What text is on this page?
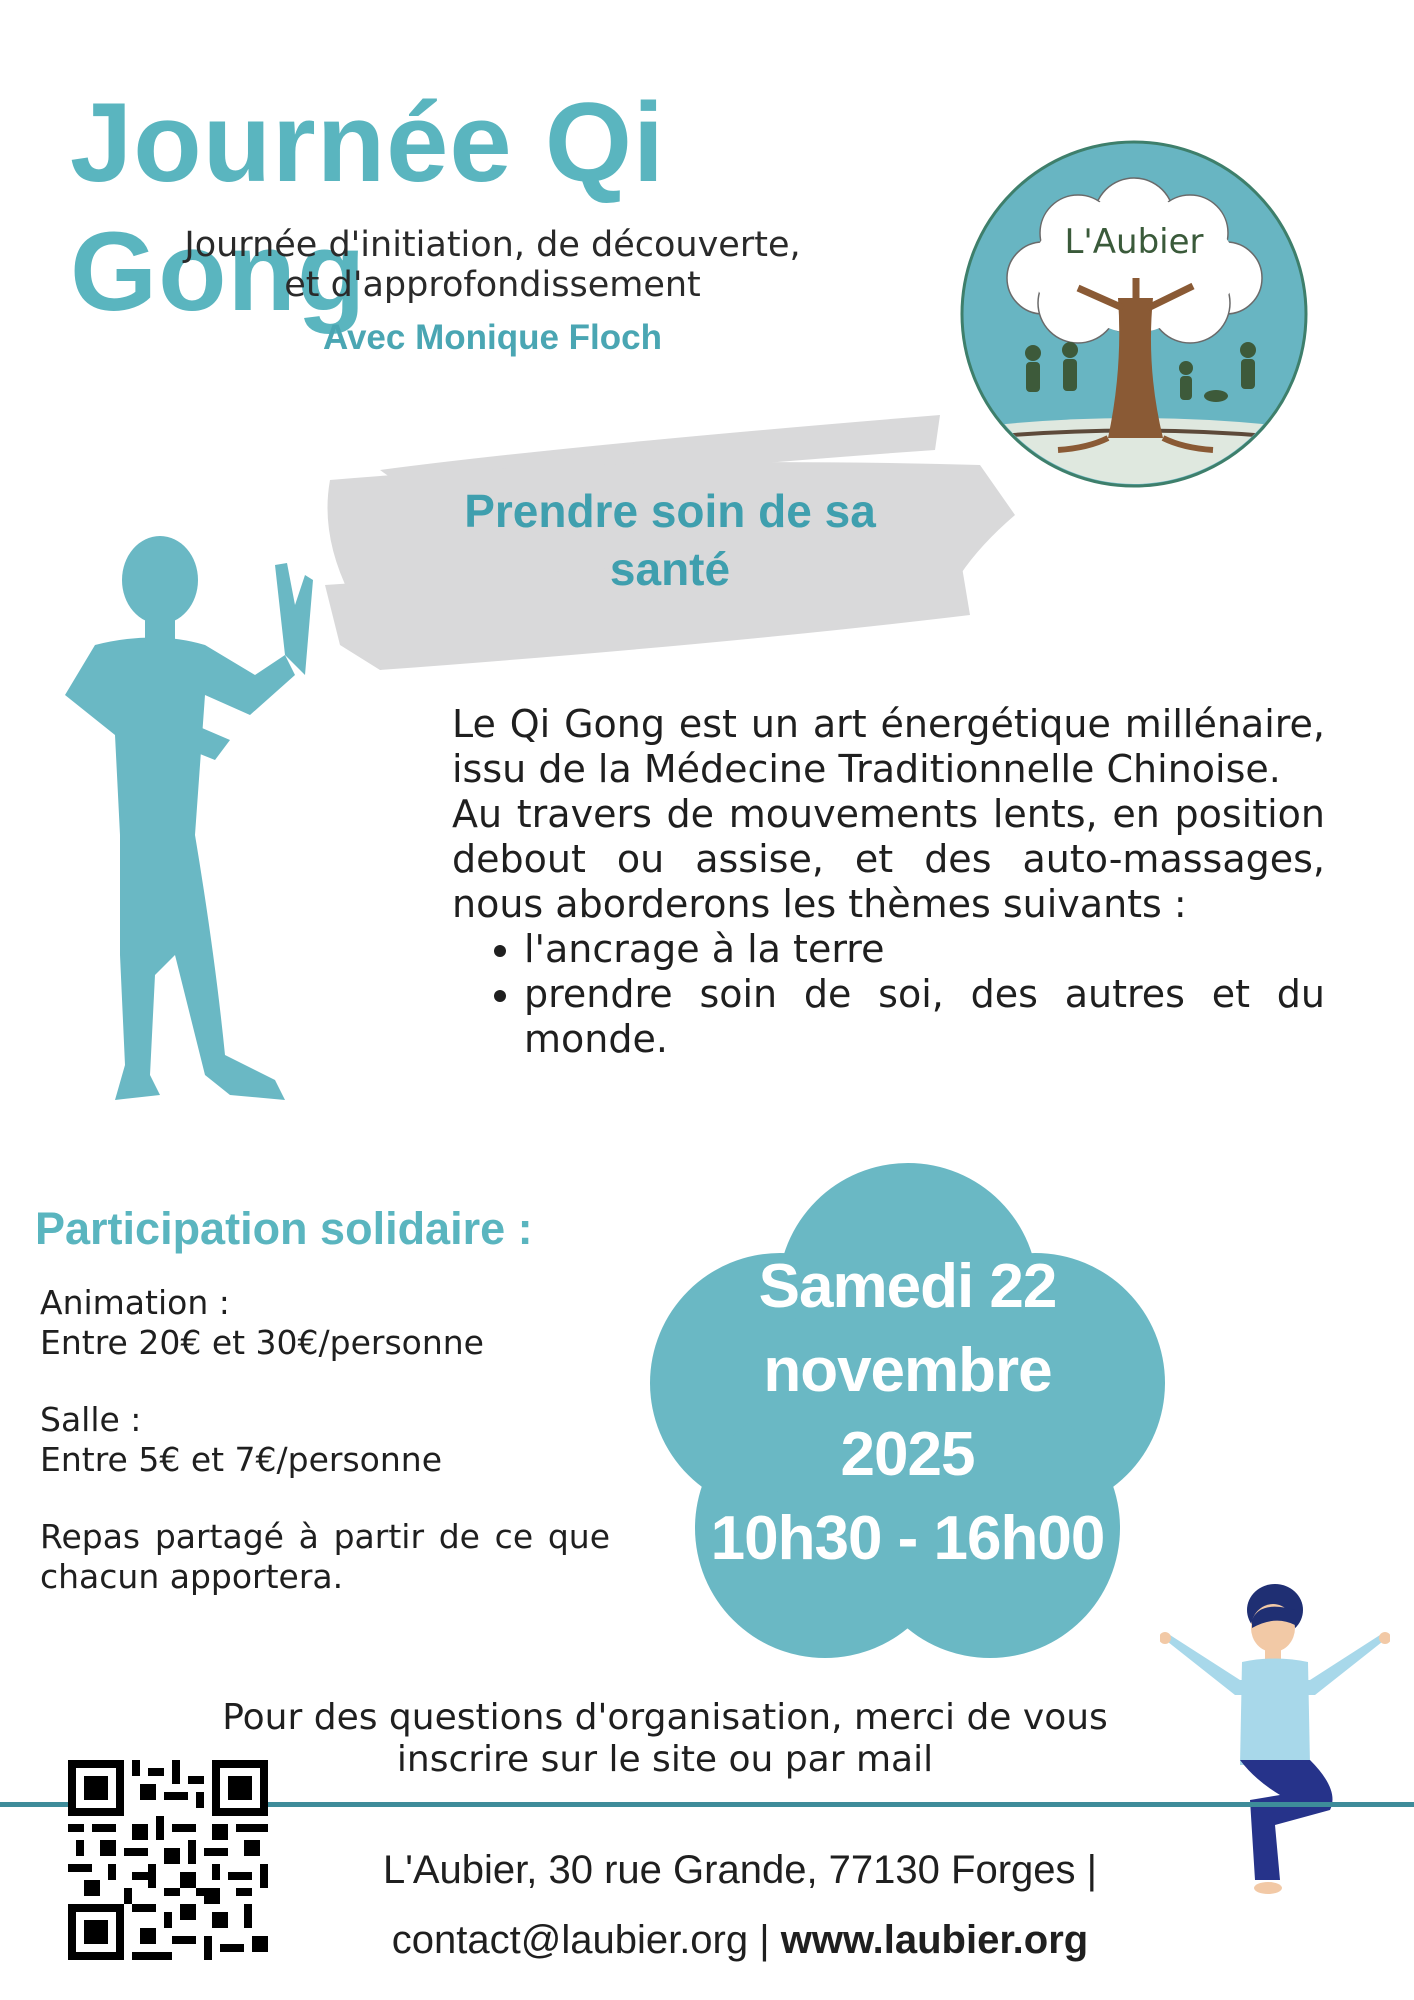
Journée Qi Gong
Journée d'initiation, de découverte,
et d'approfondissement
Avec Monique Floch
L'Aubier
Prendre soin de sa
santé

Le Qi Gong est un art énergétique millénaire, issu de la Médecine Traditionnelle Chinoise.

Au travers de mouvements lents, en position debout ou assise, et des auto-massages, nous aborderons les thèmes suivants :

• l'ancrage à la terre
• prendre soin de soi, des autres et du monde.
Participation solidaire :
Animation :
Entre 20€ et 30€/personne
Salle :
Entre 5€ et 7€/personne
Repas partagé à partir de ce que chacun apportera.
Samedi 22
novembre
2025
10h30 - 16h00
Pour des questions d'organisation, merci de vous
inscrire sur le site ou par mail
L'Aubier, 30 rue Grande, 77130 Forges |
contact@laubier.org | www.laubier.org
